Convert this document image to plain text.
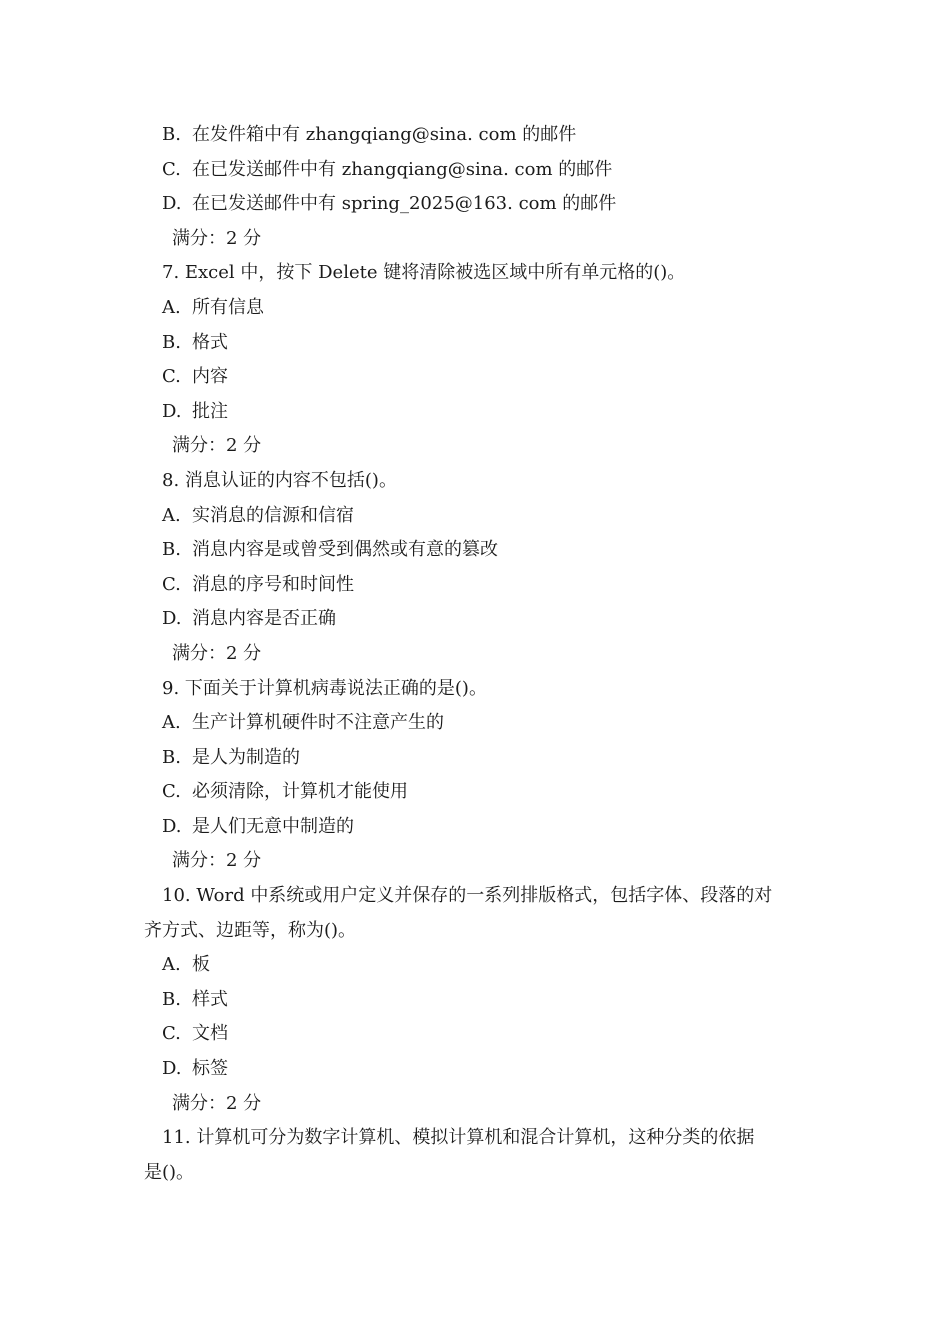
B. 在发件箱中有 zhangqiang@sina. com 的邮件
C. 在已发送邮件中有 zhangqiang@sina. com 的邮件
D. 在已发送邮件中有 spring_2025@163. com 的邮件
满分：2 分
7. Excel 中，按下 Delete 键将清除被选区域中所有单元格的()。
A. 所有信息
B. 格式
C. 内容
D. 批注
满分：2 分
8. 消息认证的内容不包括()。
A. 实消息的信源和信宿
B. 消息内容是或曾受到偶然或有意的篡改
C. 消息的序号和时间性
D. 消息内容是否正确
满分：2 分
9. 下面关于计算机病毒说法正确的是()。
A. 生产计算机硬件时不注意产生的
B. 是人为制造的
C. 必须清除，计算机才能使用
D. 是人们无意中制造的
满分：2 分
10. Word 中系统或用户定义并保存的一系列排版格式，包括字体、段落的对
齐方式、边距等，称为()。
A. 板
B. 样式
C. 文档
D. 标签
满分：2 分
11. 计算机可分为数字计算机、模拟计算机和混合计算机，这种分类的依据
是()。
